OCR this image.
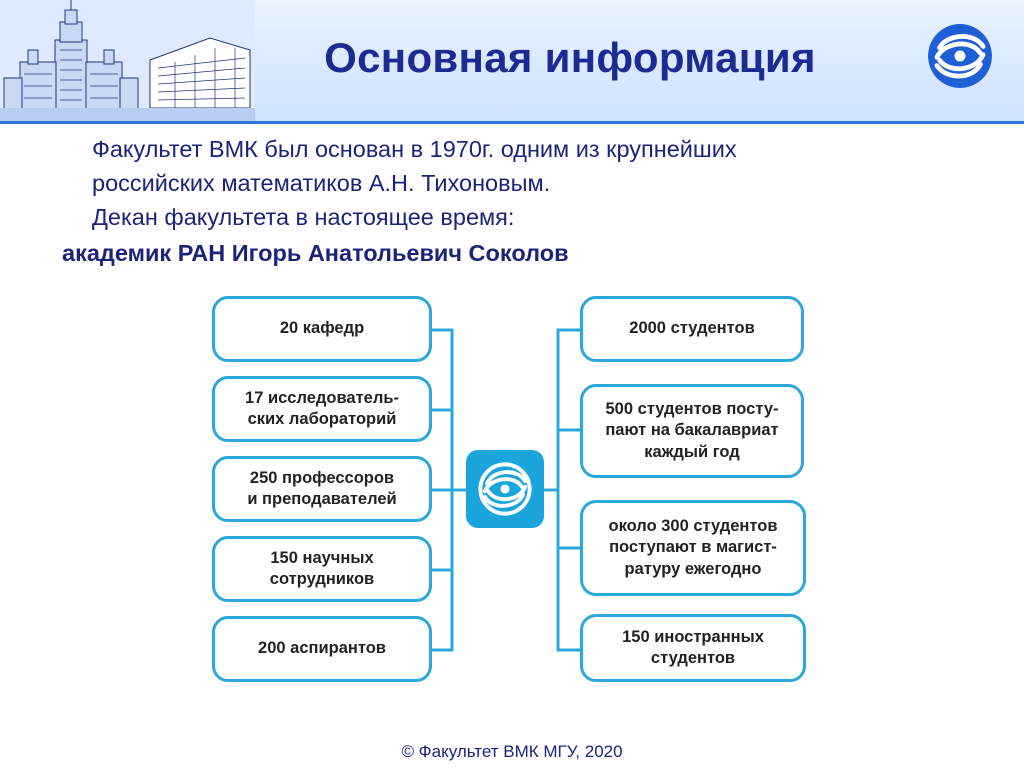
Основная информация
Факультет ВМК был основан в 1970г. одним из крупнейших
российских математиков А.Н. Тихоновым.
Декан факультета в настоящее время:
академик РАН Игорь Анатольевич Соколов
20 кафедр
17 исследователь-
ских лабораторий
250 профессоров
и преподавателей
150 научных
сотрудников
200 аспирантов
2000 студентов
500 студентов посту-
пают на бакалавриат
каждый год
около 300 студентов
поступают в магист-
ратуру ежегодно
150 иностранных
студентов
© Факультет ВМК МГУ, 2020
